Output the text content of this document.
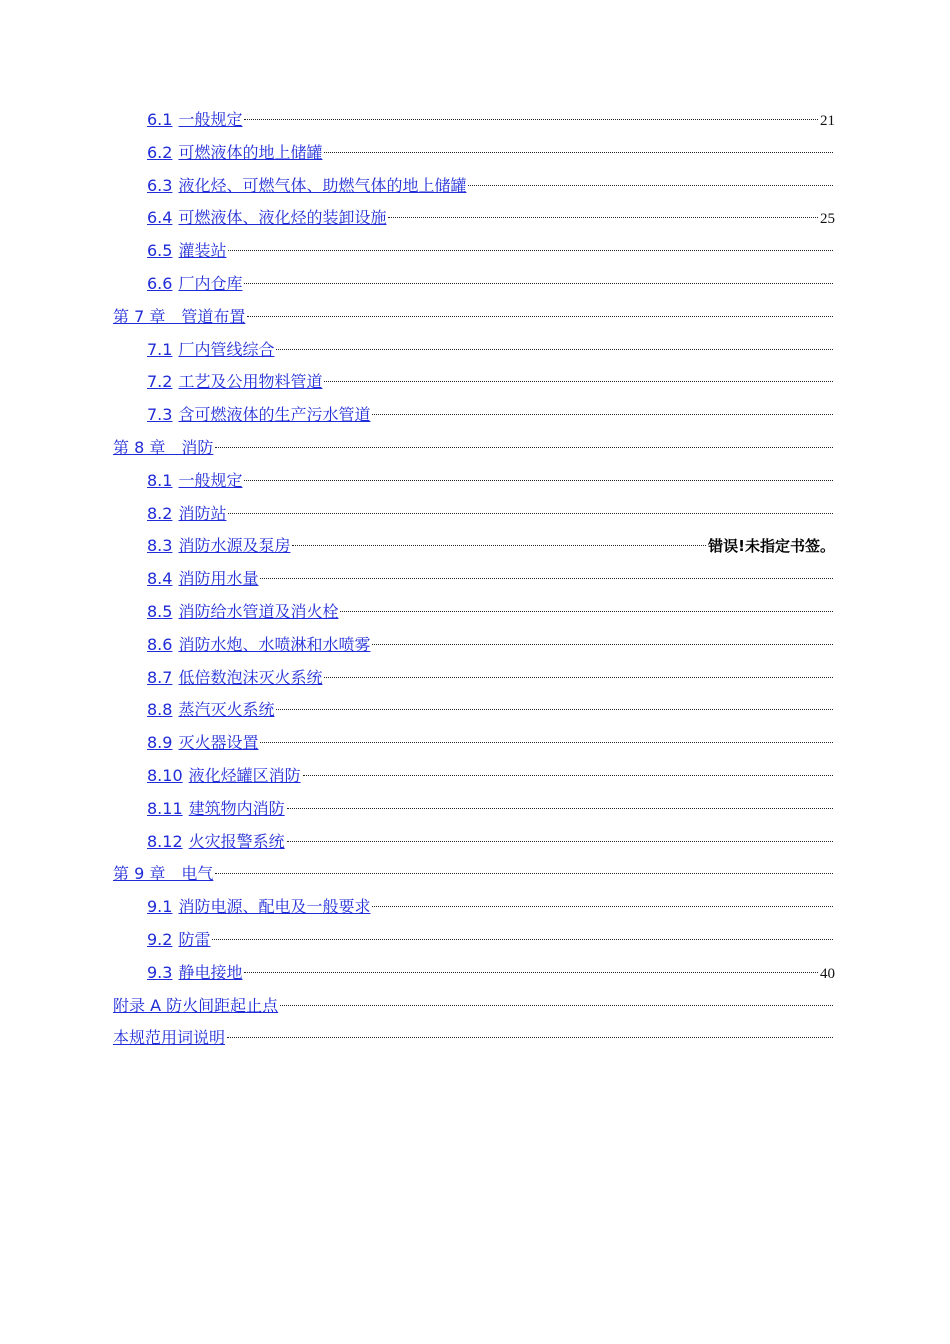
6.1 一般规定	21
6.2 可燃液体的地上储罐
6.3 液化烃、可燃气体、助燃气体的地上储罐
6.4 可燃液体、液化烃的装卸设施	25
6.5 灌装站
6.6 厂内仓库
第 7 章　管道布置
7.1 厂内管线综合
7.2 工艺及公用物料管道
7.3 含可燃液体的生产污水管道
第 8 章　消防
8.1 一般规定
8.2 消防站
8.3 消防水源及泵房	错误!未指定书签。
8.4 消防用水量
8.5 消防给水管道及消火栓
8.6 消防水炮、水喷淋和水喷雾
8.7 低倍数泡沫灭火系统
8.8 蒸汽灭火系统
8.9 灭火器设置
8.10 液化烃罐区消防
8.11 建筑物内消防
8.12 火灾报警系统
第 9 章　电气
9.1 消防电源、配电及一般要求
9.2 防雷
9.3 静电接地	40
附录 A 防火间距起止点
本规范用词说明
